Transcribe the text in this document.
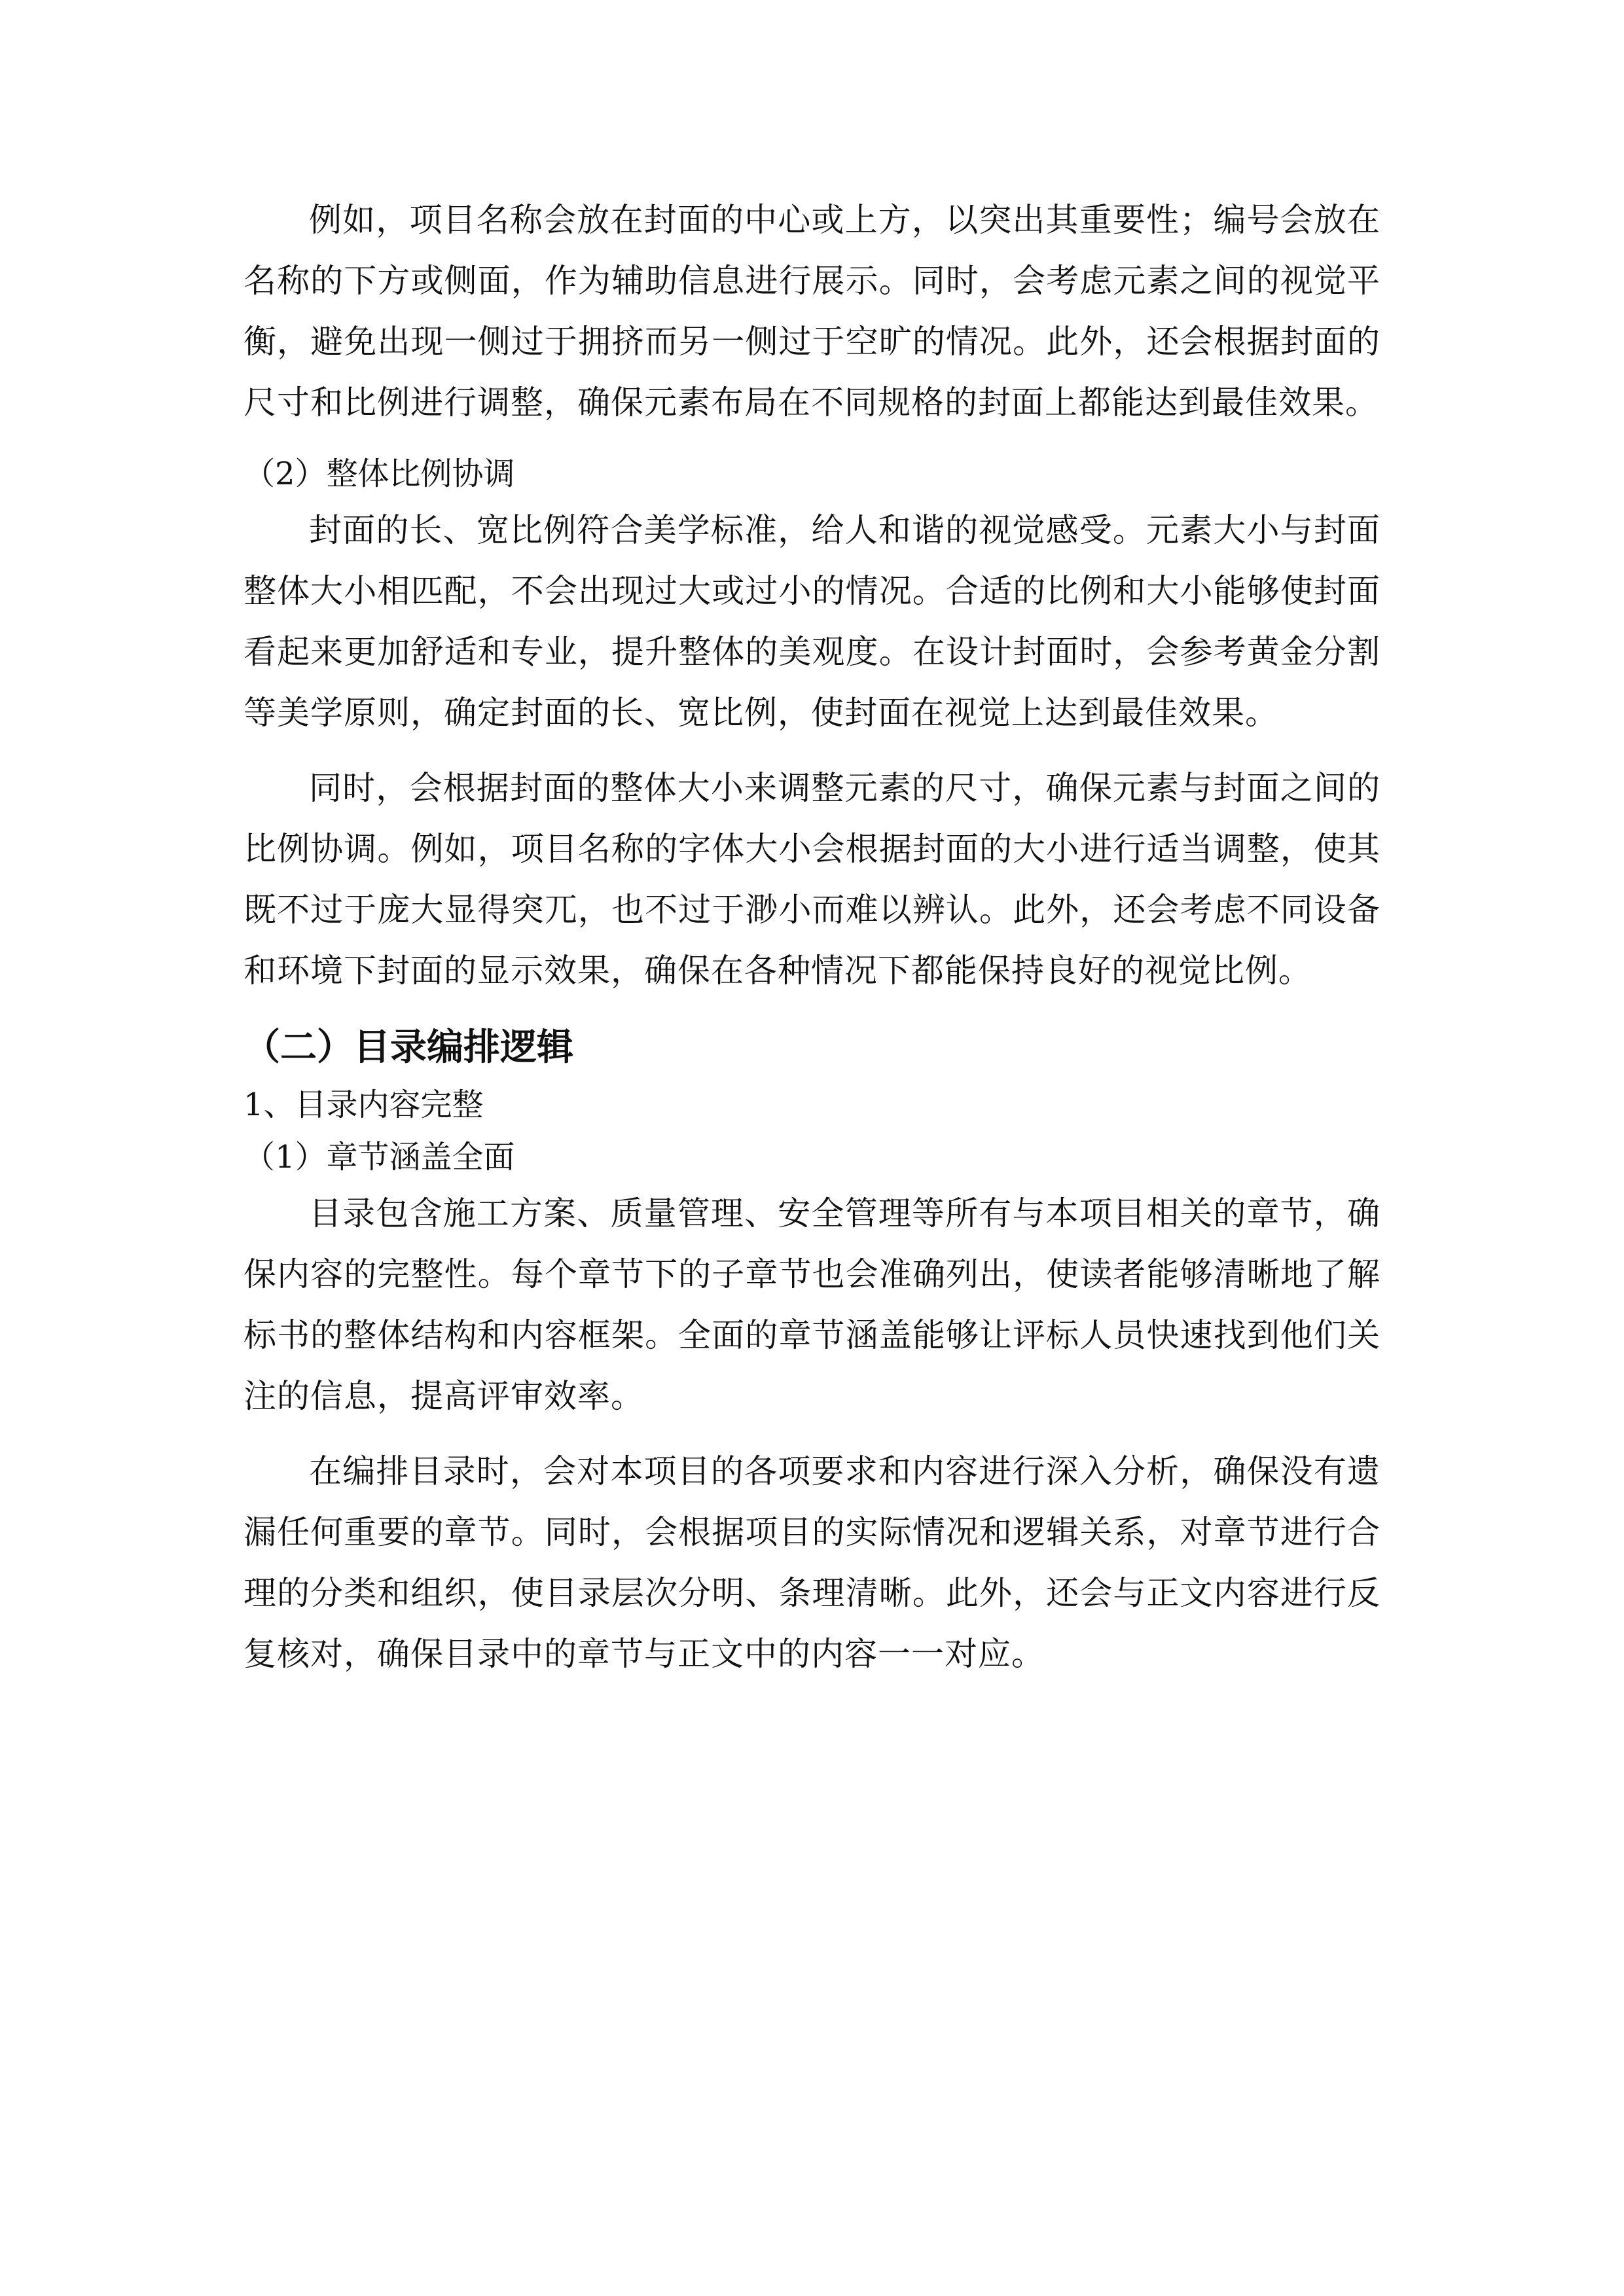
例如，项目名称会放在封面的中心或上方，以突出其重要性；编号会放在名称的下方或侧面，作为辅助信息进行展示。同时，会考虑元素之间的视觉平衡，避免出现一侧过于拥挤而另一侧过于空旷的情况。此外，还会根据封面的尺寸和比例进行调整，确保元素布局在不同规格的封面上都能达到最佳效果。

（2）整体比例协调

封面的长、宽比例符合美学标准，给人和谐的视觉感受。元素大小与封面整体大小相匹配，不会出现过大或过小的情况。合适的比例和大小能够使封面看起来更加舒适和专业，提升整体的美观度。在设计封面时，会参考黄金分割等美学原则，确定封面的长、宽比例，使封面在视觉上达到最佳效果。

同时，会根据封面的整体大小来调整元素的尺寸，确保元素与封面之间的比例协调。例如，项目名称的字体大小会根据封面的大小进行适当调整，使其既不过于庞大显得突兀，也不过于渺小而难以辨认。此外，还会考虑不同设备和环境下封面的显示效果，确保在各种情况下都能保持良好的视觉比例。

（二）目录编排逻辑

1、目录内容完整

（1）章节涵盖全面

目录包含施工方案、质量管理、安全管理等所有与本项目相关的章节，确保内容的完整性。每个章节下的子章节也会准确列出，使读者能够清晰地了解标书的整体结构和内容框架。全面的章节涵盖能够让评标人员快速找到他们关注的信息，提高评审效率。

在编排目录时，会对本项目的各项要求和内容进行深入分析，确保没有遗漏任何重要的章节。同时，会根据项目的实际情况和逻辑关系，对章节进行合理的分类和组织，使目录层次分明、条理清晰。此外，还会与正文内容进行反复核对，确保目录中的章节与正文中的内容一一对应。
